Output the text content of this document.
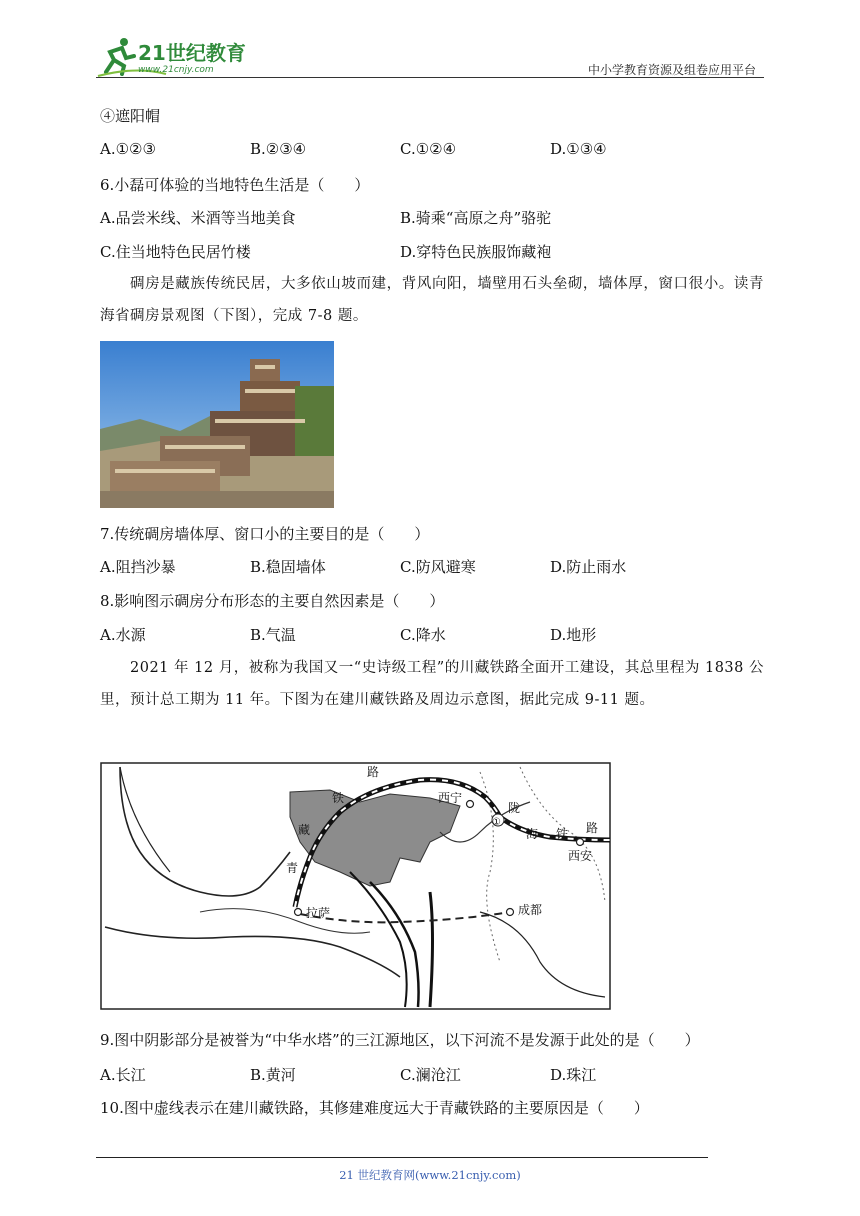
21世纪教育
www.21cnjy.com	中小学教育资源及组卷应用平台
④遮阳帽
A.①②③	B.②③④	C.①②④	D.①③④
6.小磊可体验的当地特色生活是（　　）
A.品尝米线、米酒等当地美食	B.骑乘“高原之舟”骆驼
C.住当地特色民居竹楼	D.穿特色民族服饰藏袍
碉房是藏族传统民居，大多依山坡而建，背风向阳，墙壁用石头垒砌，墙体厚，窗口很小。读青海省碉房景观图（下图），完成 7-8 题。
7.传统碉房墙体厚、窗口小的主要目的是（　　）
A.阻挡沙暴	B.稳固墙体	C.防风避寒	D.防止雨水
8.影响图示碉房分布形态的主要自然因素是（　　）
A.水源	B.气温	C.降水	D.地形
2021 年 12 月，被称为我国又一“史诗级工程”的川藏铁路全面开工建设，其总里程为 1838 公里，预计总工期为 11 年。下图为在建川藏铁路及周边示意图，据此完成 9-11 题。
路
铁
藏
青
西宁
陇
海 铁 路
西安
拉萨	成都
①
9.图中阴影部分是被誉为“中华水塔”的三江源地区，以下河流不是发源于此处的是（　　）
A.长江	B.黄河	C.澜沧江	D.珠江
10.图中虚线表示在建川藏铁路，其修建难度远大于青藏铁路的主要原因是（　　）
21 世纪教育网(www.21cnjy.com)
